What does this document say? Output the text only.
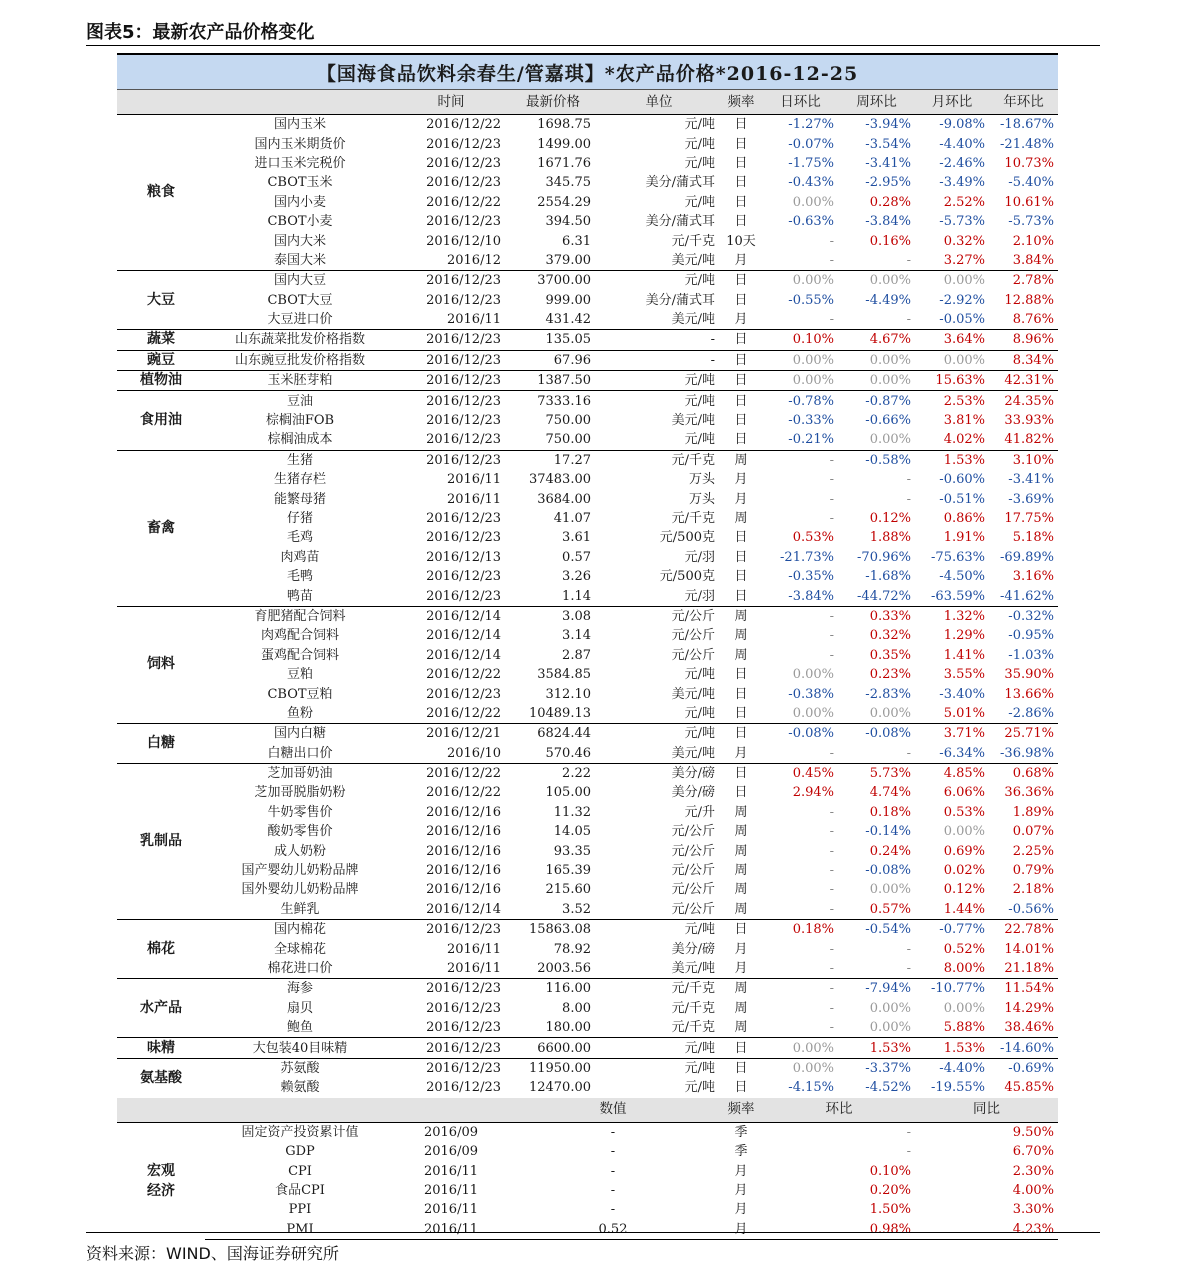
图表5：最新农产品价格变化
【国海食品饮料余春生/管嘉琪】*农产品价格*2016-12-25
		时间	最新价格	单位	频率	日环比	周环比	月环比	年环比
粮食	国内玉米	2016/12/22	1698.75	元/吨	日	-1.27%	-3.94%	-9.08%	-18.67%
	国内玉米期货价	2016/12/23	1499.00	元/吨	日	-0.07%	-3.54%	-4.40%	-21.48%
	进口玉米完税价	2016/12/23	1671.76	元/吨	日	-1.75%	-3.41%	-2.46%	10.73%
	CBOT玉米	2016/12/23	345.75	美分/蒲式耳	日	-0.43%	-2.95%	-3.49%	-5.40%
	国内小麦	2016/12/22	2554.29	元/吨	日	0.00%	0.28%	2.52%	10.61%
	CBOT小麦	2016/12/23	394.50	美分/蒲式耳	日	-0.63%	-3.84%	-5.73%	-5.73%
	国内大米	2016/12/10	6.31	元/千克	10天	-	0.16%	0.32%	2.10%
	泰国大米	2016/12	379.00	美元/吨	月	-	-	3.27%	3.84%
大豆	国内大豆	2016/12/23	3700.00	元/吨	日	0.00%	0.00%	0.00%	2.78%
	CBOT大豆	2016/12/23	999.00	美分/蒲式耳	日	-0.55%	-4.49%	-2.92%	12.88%
	大豆进口价	2016/11	431.42	美元/吨	月	-	-	-0.05%	8.76%
蔬菜	山东蔬菜批发价格指数	2016/12/23	135.05	-	日	0.10%	4.67%	3.64%	8.96%
豌豆	山东豌豆批发价格指数	2016/12/23	67.96	-	日	0.00%	0.00%	0.00%	8.34%
植物油	玉米胚芽粕	2016/12/23	1387.50	元/吨	日	0.00%	0.00%	15.63%	42.31%
食用油	豆油	2016/12/23	7333.16	元/吨	日	-0.78%	-0.87%	2.53%	24.35%
	棕榈油FOB	2016/12/23	750.00	美元/吨	日	-0.33%	-0.66%	3.81%	33.93%
	棕榈油成本	2016/12/23	750.00	元/吨	日	-0.21%	0.00%	4.02%	41.82%
畜禽	生猪	2016/12/23	17.27	元/千克	周	-	-0.58%	1.53%	3.10%
	生猪存栏	2016/11	37483.00	万头	月	-	-	-0.60%	-3.41%
	能繁母猪	2016/11	3684.00	万头	月	-	-	-0.51%	-3.69%
	仔猪	2016/12/23	41.07	元/千克	周	-	0.12%	0.86%	17.75%
	毛鸡	2016/12/23	3.61	元/500克	日	0.53%	1.88%	1.91%	5.18%
	肉鸡苗	2016/12/13	0.57	元/羽	日	-21.73%	-70.96%	-75.63%	-69.89%
	毛鸭	2016/12/23	3.26	元/500克	日	-0.35%	-1.68%	-4.50%	3.16%
	鸭苗	2016/12/23	1.14	元/羽	日	-3.84%	-44.72%	-63.59%	-41.62%
饲料	育肥猪配合饲料	2016/12/14	3.08	元/公斤	周	-	0.33%	1.32%	-0.32%
	肉鸡配合饲料	2016/12/14	3.14	元/公斤	周	-	0.32%	1.29%	-0.95%
	蛋鸡配合饲料	2016/12/14	2.87	元/公斤	周	-	0.35%	1.41%	-1.03%
	豆粕	2016/12/22	3584.85	元/吨	日	0.00%	0.23%	3.55%	35.90%
	CBOT豆粕	2016/12/23	312.10	美元/吨	日	-0.38%	-2.83%	-3.40%	13.66%
	鱼粉	2016/12/22	10489.13	元/吨	日	0.00%	0.00%	5.01%	-2.86%
白糖	国内白糖	2016/12/21	6824.44	元/吨	日	-0.08%	-0.08%	3.71%	25.71%
	白糖出口价	2016/10	570.46	美元/吨	月	-	-	-6.34%	-36.98%
乳制品	芝加哥奶油	2016/12/22	2.22	美分/磅	日	0.45%	5.73%	4.85%	0.68%
	芝加哥脱脂奶粉	2016/12/22	105.00	美分/磅	日	2.94%	4.74%	6.06%	36.36%
	牛奶零售价	2016/12/16	11.32	元/升	周	-	0.18%	0.53%	1.89%
	酸奶零售价	2016/12/16	14.05	元/公斤	周	-	-0.14%	0.00%	0.07%
	成人奶粉	2016/12/16	93.35	元/公斤	周	-	0.24%	0.69%	2.25%
	国产婴幼儿奶粉品牌	2016/12/16	165.39	元/公斤	周	-	-0.08%	0.02%	0.79%
	国外婴幼儿奶粉品牌	2016/12/16	215.60	元/公斤	周	-	0.00%	0.12%	2.18%
	生鲜乳	2016/12/14	3.52	元/公斤	周	-	0.57%	1.44%	-0.56%
棉花	国内棉花	2016/12/23	15863.08	元/吨	日	0.18%	-0.54%	-0.77%	22.78%
	全球棉花	2016/11	78.92	美分/磅	月	-	-	0.52%	14.01%
	棉花进口价	2016/11	2003.56	美元/吨	月	-	-	8.00%	21.18%
水产品	海参	2016/12/23	116.00	元/千克	周	-	-7.94%	-10.77%	11.54%
	扇贝	2016/12/23	8.00	元/千克	周	-	0.00%	0.00%	14.29%
	鲍鱼	2016/12/23	180.00	元/千克	周	-	0.00%	5.88%	38.46%
味精	大包装40目味精	2016/12/23	6600.00	元/吨	日	0.00%	1.53%	1.53%	-14.60%
氨基酸	苏氨酸	2016/12/23	11950.00	元/吨	日	0.00%	-3.37%	-4.40%	-0.69%
	赖氨酸	2016/12/23	12470.00	元/吨	日	-4.15%	-4.52%	-19.55%	45.85%
			数值	频率	环比	同比
宏观
经济	固定资产投资累计值	2016/09	-	季	-	9.50%
	GDP	2016/09	-	季	-	6.70%
	CPI	2016/11	-	月	0.10%	2.30%
	食品CPI	2016/11	-	月	0.20%	4.00%
	PPI	2016/11	-	月	1.50%	3.30%
	PMI	2016/11	0.52	月	0.98%	4.23%
资料来源：WIND、国海证券研究所
